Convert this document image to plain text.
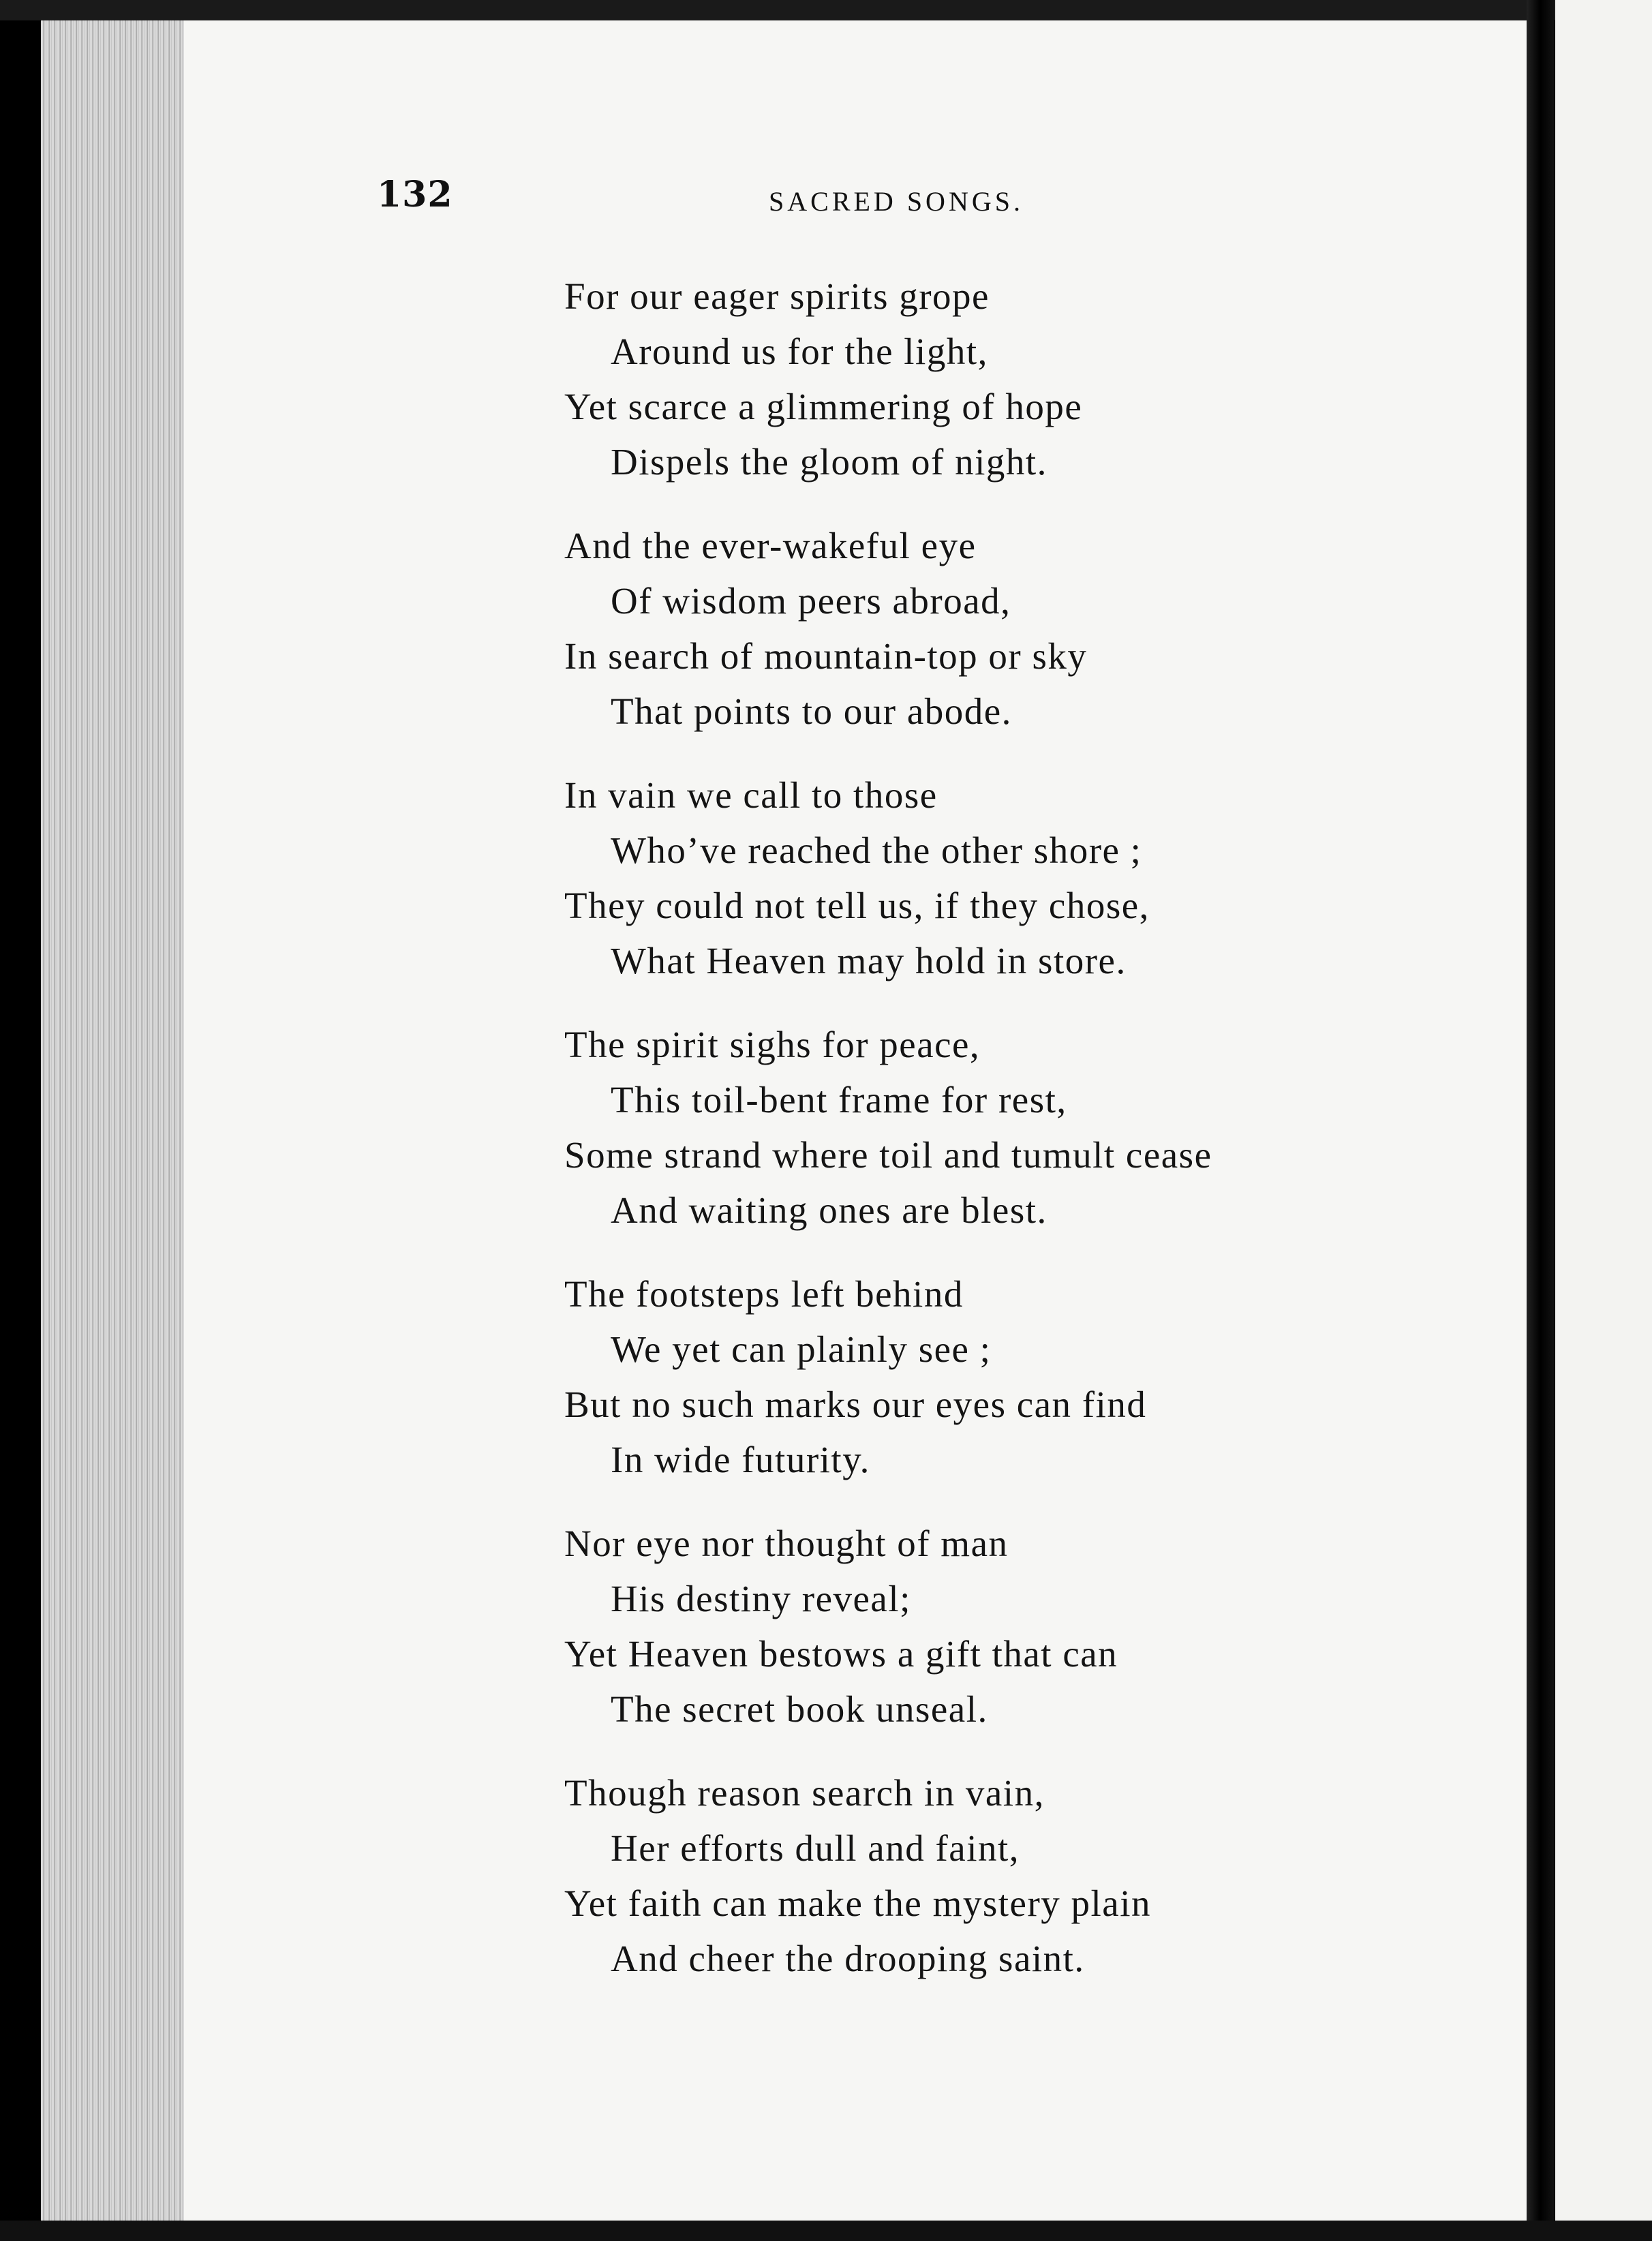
132	SACRED SONGS.
For our eager spirits grope
Around us for the light,
Yet scarce a glimmering of hope
Dispels the gloom of night.
And the ever-wakeful eye
Of wisdom peers abroad,
In search of mountain-top or sky
That points to our abode.
In vain we call to those
Who’ve reached the other shore ;
They could not tell us, if they chose,
What Heaven may hold in store.
The spirit sighs for peace,
This toil-bent frame for rest,
Some strand where toil and tumult cease
And waiting ones are blest.
The footsteps left behind
We yet can plainly see ;
But no such marks our eyes can find
In wide futurity.
Nor eye nor thought of man
His destiny reveal;
Yet Heaven bestows a gift that can
The secret book unseal.
Though reason search in vain,
Her efforts dull and faint,
Yet faith can make the mystery plain
And cheer the drooping saint.
